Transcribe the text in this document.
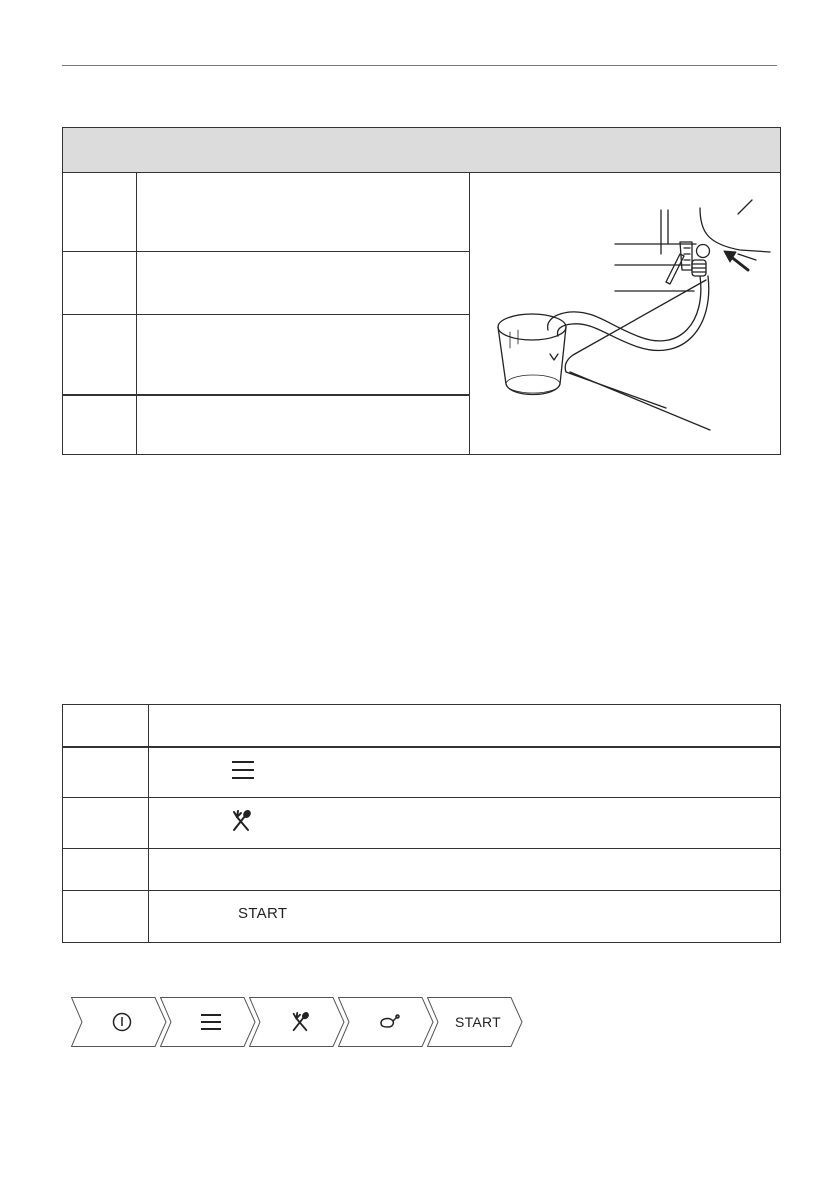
START
START
